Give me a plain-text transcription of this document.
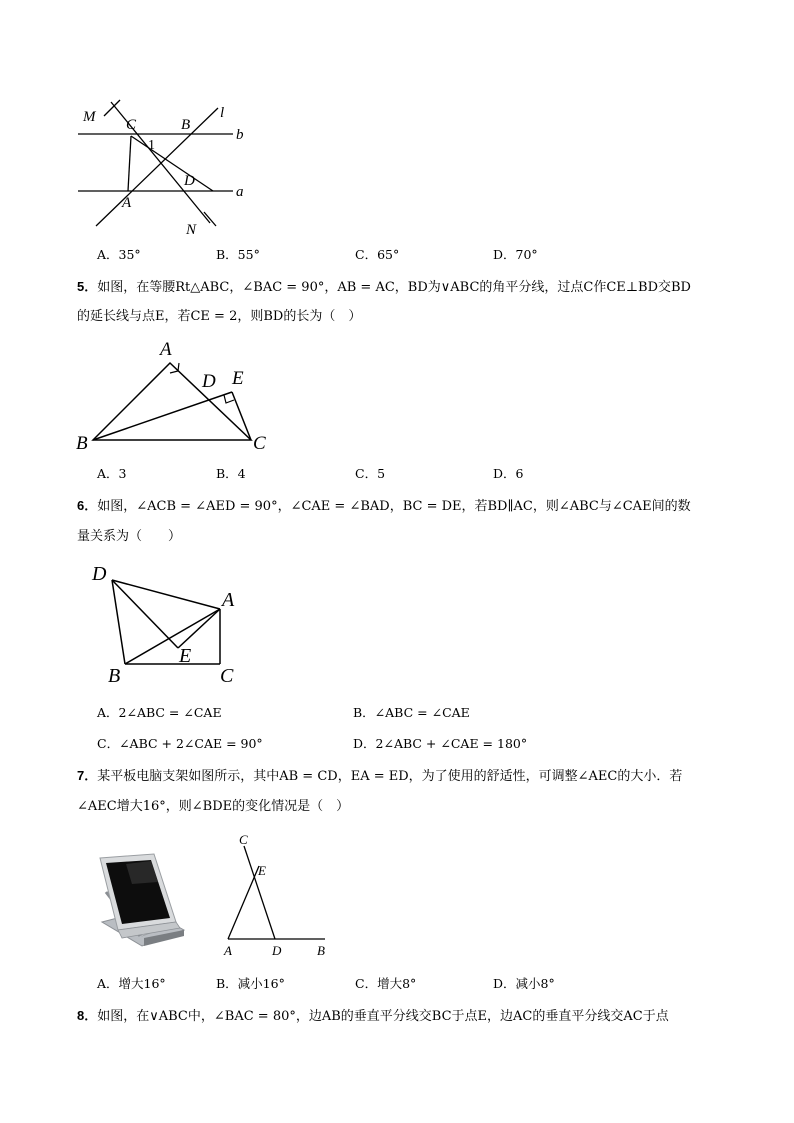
M C	B
l
b
1
D
a
A
N
A．35°	B．55°	C．65°	D．70°
5．如图，在等腰Rt△ABC，∠BAC = 90°，AB = AC，BD为∨ABC的角平分线，过点C作CE⊥BD交BD
的延长线与点E，若CE = 2，则BD的长为（　）
A
B	C
D E
A．3	B．4	C．5	D．6
6．如图，∠ACB = ∠AED = 90°，∠CAE = ∠BAD，BC = DE，若BD∥AC，则∠ABC与∠CAE间的数
量关系为（　　）
D
A
E
B	C
A．2∠ABC = ∠CAE	B．∠ABC = ∠CAE
C．∠ABC + 2∠CAE = 90°	D．2∠ABC + ∠CAE = 180°
7．某平板电脑支架如图所示，其中AB = CD，EA = ED，为了使用的舒适性，可调整∠AEC的大小．若
∠AEC增大16°，则∠BDE的变化情况是（　）
C
E
A	D	B
A．增大16°	B．减小16°	C．增大8°	D．减小8°
8．如图，在∨ABC中，∠BAC = 80°，边AB的垂直平分线交BC于点E，边AC的垂直平分线交AC于点
